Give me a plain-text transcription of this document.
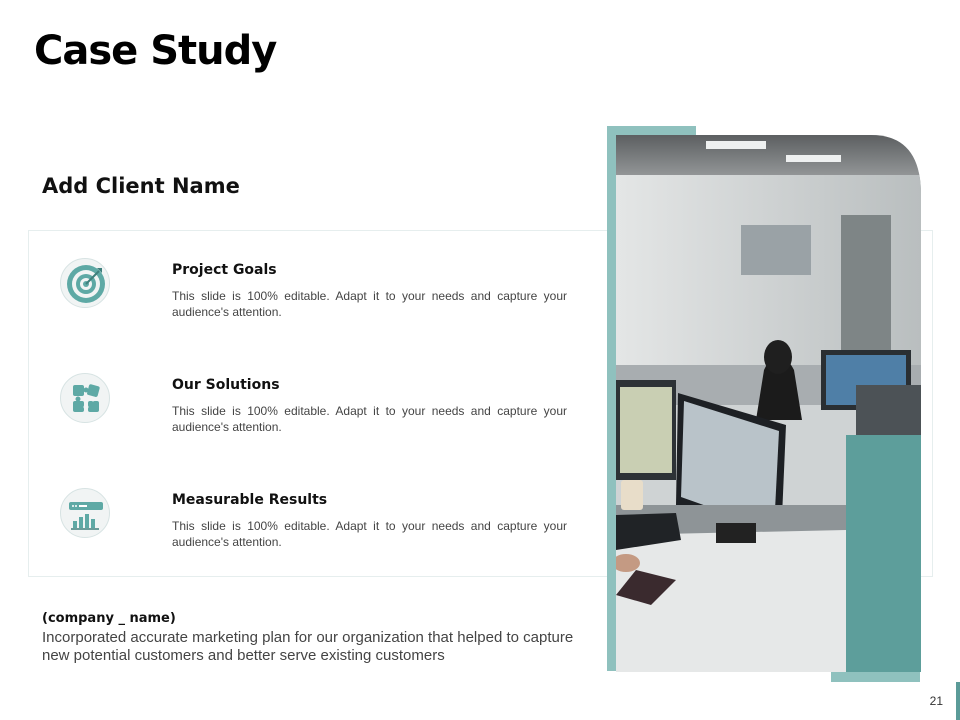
Case Study
Add Client Name
Project Goals
This slide is 100% editable. Adapt it to your needs and capture your audience's attention.
Our Solutions
This slide is 100% editable. Adapt it to your needs and capture your audience's attention.
Measurable Results
This slide is 100% editable. Adapt it to your needs and capture your audience's attention.
(company _ name)
Incorporated accurate marketing plan for our organization that helped to capture new potential customers and better serve existing customers
21
